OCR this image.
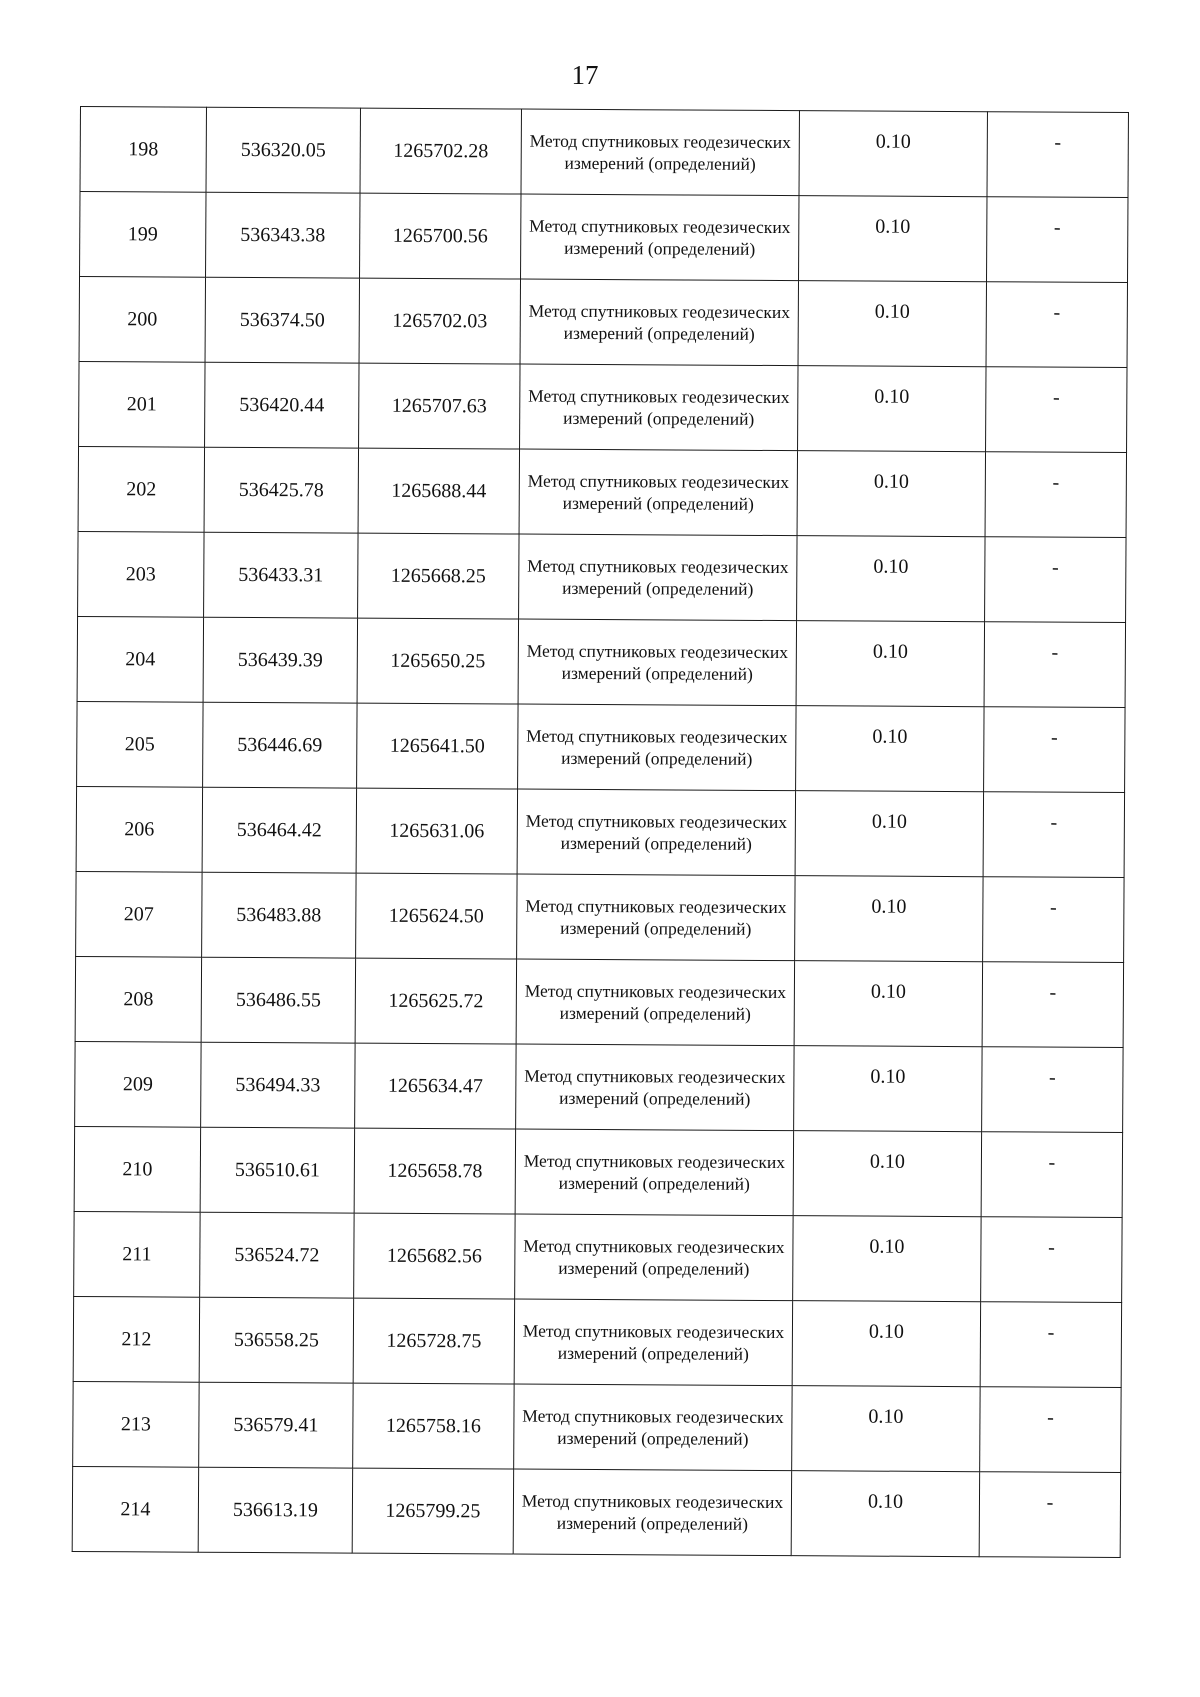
17
198	536320.05	1265702.28	Метод спутниковых геодезических измерений (определений)	0.10	-
199	536343.38	1265700.56	Метод спутниковых геодезических измерений (определений)	0.10	-
200	536374.50	1265702.03	Метод спутниковых геодезических измерений (определений)	0.10	-
201	536420.44	1265707.63	Метод спутниковых геодезических измерений (определений)	0.10	-
202	536425.78	1265688.44	Метод спутниковых геодезических измерений (определений)	0.10	-
203	536433.31	1265668.25	Метод спутниковых геодезических измерений (определений)	0.10	-
204	536439.39	1265650.25	Метод спутниковых геодезических измерений (определений)	0.10	-
205	536446.69	1265641.50	Метод спутниковых геодезических измерений (определений)	0.10	-
206	536464.42	1265631.06	Метод спутниковых геодезических измерений (определений)	0.10	-
207	536483.88	1265624.50	Метод спутниковых геодезических измерений (определений)	0.10	-
208	536486.55	1265625.72	Метод спутниковых геодезических измерений (определений)	0.10	-
209	536494.33	1265634.47	Метод спутниковых геодезических измерений (определений)	0.10	-
210	536510.61	1265658.78	Метод спутниковых геодезических измерений (определений)	0.10	-
211	536524.72	1265682.56	Метод спутниковых геодезических измерений (определений)	0.10	-
212	536558.25	1265728.75	Метод спутниковых геодезических измерений (определений)	0.10	-
213	536579.41	1265758.16	Метод спутниковых геодезических измерений (определений)	0.10	-
214	536613.19	1265799.25	Метод спутниковых геодезических измерений (определений)	0.10	-
